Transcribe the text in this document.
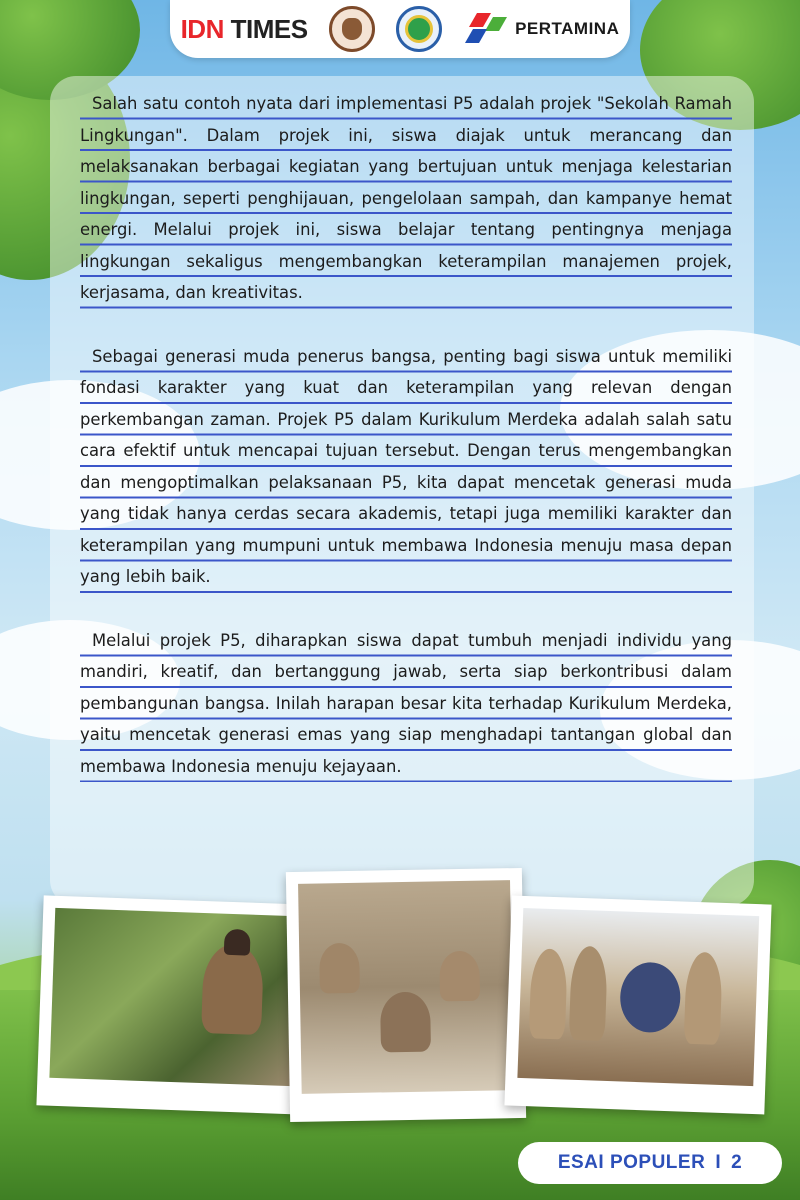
IDN TIMES	PERTAMINA

Salah satu contoh nyata dari implementasi P5 adalah projek "Sekolah Ramah Lingkungan". Dalam projek ini, siswa diajak untuk merancang dan melaksanakan berbagai kegiatan yang bertujuan untuk menjaga kelestarian lingkungan, seperti penghijauan, pengelolaan sampah, dan kampanye hemat energi. Melalui projek ini, siswa belajar tentang pentingnya menjaga lingkungan sekaligus mengembangkan keterampilan manajemen projek, kerjasama, dan kreativitas.

Sebagai generasi muda penerus bangsa, penting bagi siswa untuk memiliki fondasi karakter yang kuat dan keterampilan yang relevan dengan perkembangan zaman. Projek P5 dalam Kurikulum Merdeka adalah salah satu cara efektif untuk mencapai tujuan tersebut. Dengan terus mengembangkan dan mengoptimalkan pelaksanaan P5, kita dapat mencetak generasi muda yang tidak hanya cerdas secara akademis, tetapi juga memiliki karakter dan keterampilan yang mumpuni untuk membawa Indonesia menuju masa depan yang lebih baik.

Melalui projek P5, diharapkan siswa dapat tumbuh menjadi individu yang mandiri, kreatif, dan bertanggung jawab, serta siap berkontribusi dalam pembangunan bangsa. Inilah harapan besar kita terhadap Kurikulum Merdeka, yaitu mencetak generasi emas yang siap menghadapi tantangan global dan membawa Indonesia menuju kejayaan.

ESAI POPULER I 2
